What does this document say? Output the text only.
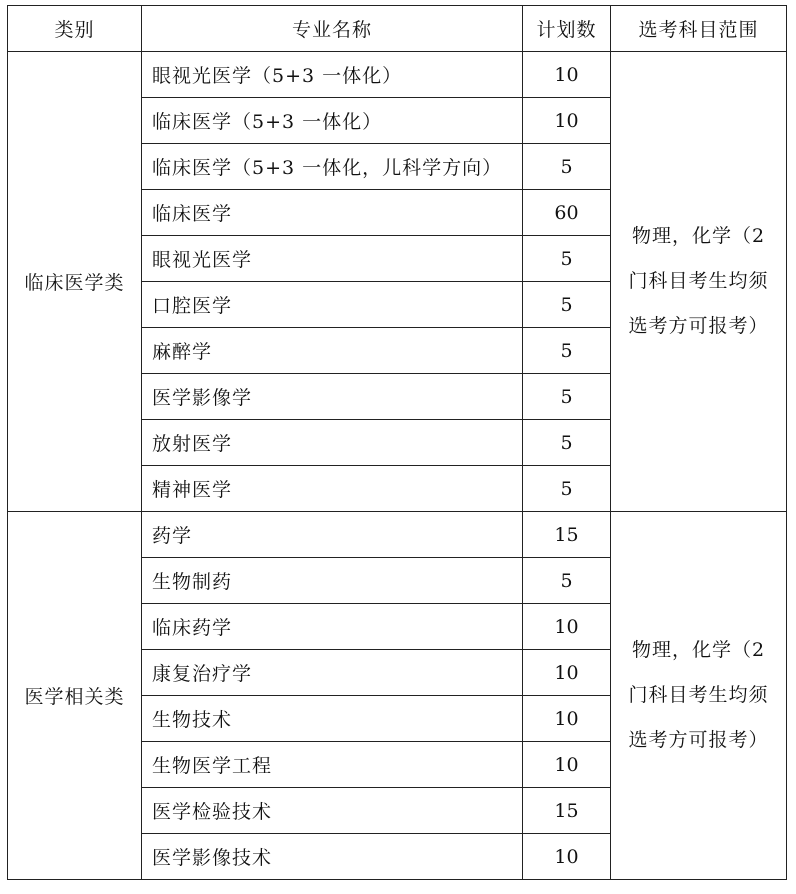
类别	专业名称	计划数	选考科目范围
临床医学类	眼视光医学（5+3 一体化）	10	物理，化学（2
门科目考生均须
选考方可报考）

	临床医学（5+3 一体化）	10	
	临床医学（5+3 一体化，儿科学方向）	5	
	临床医学	60	
	眼视光医学	5	
	口腔医学	5	
	麻醉学	5	
	医学影像学	5	
	放射医学	5	
	精神医学	5	
医学相关类	药学	15	物理，化学（2
门科目考生均须
选考方可报考）

	生物制药	5	
	临床药学	10	
	康复治疗学	10	
	生物技术	10	
	生物医学工程	10	
	医学检验技术	15	
	医学影像技术	10	
